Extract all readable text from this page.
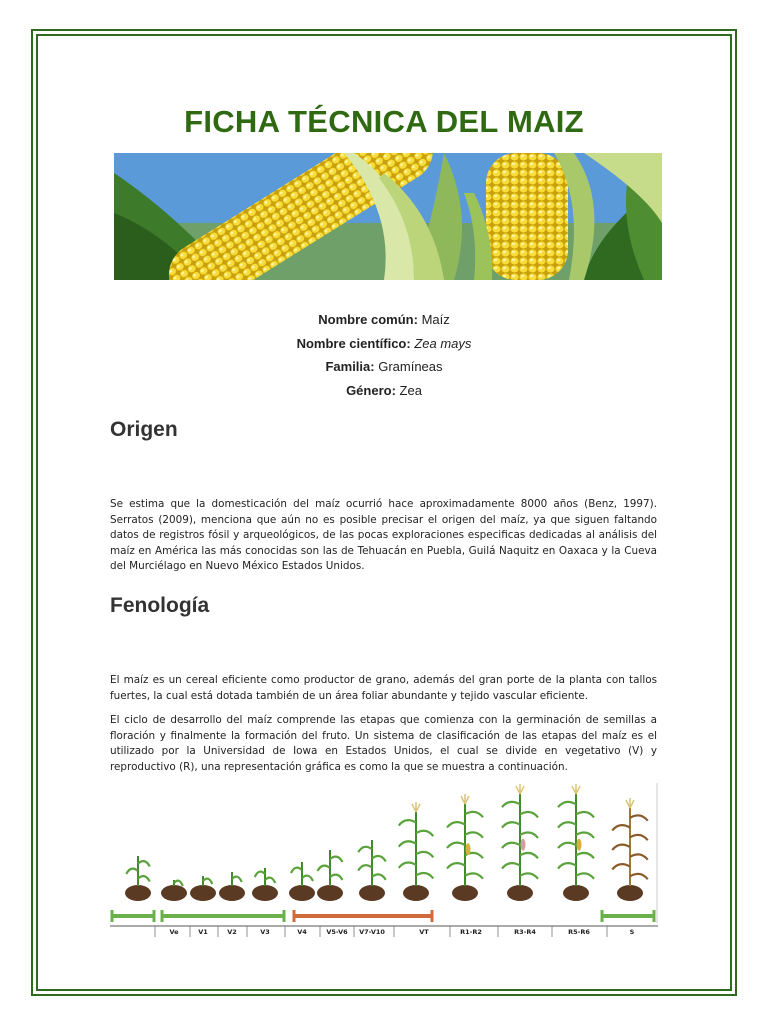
FICHA TÉCNICA DEL MAIZ
Nombre común: Maíz
Nombre científico: Zea mays
Familia: Gramíneas
Género: Zea
Origen

Se estima que la domesticación del maíz ocurrió hace aproximadamente 8000 años (Benz, 1997). Serratos (2009), menciona que aún no es posible precisar el origen del maíz, ya que siguen faltando datos de registros fósil y arqueológicos, de las pocas exploraciones especificas dedicadas al análisis del maíz en América las más conocidas son las de Tehuacán en Puebla, Guilá Naquitz en Oaxaca y la Cueva del Murciélago en Nuevo México Estados Unidos.

Fenología

El maíz es un cereal eficiente como productor de grano, además del gran porte de la planta con tallos fuertes, la cual está dotada también de un área foliar abundante y tejido vascular eficiente.

El ciclo de desarrollo del maíz comprende las etapas que comienza con la germinación de semillas a floración y finalmente la formación del fruto. Un sistema de clasificación de las etapas del maíz es el utilizado por la Universidad de Iowa en Estados Unidos, el cual se divide en vegetativo (V) y reproductivo (R), una representación gráfica es como la que se muestra a continuación.

Ve	V1	V2	V3	V4	V5-V6 V7-V10	VT	R1-R2	R3-R4	R5-R6	S
